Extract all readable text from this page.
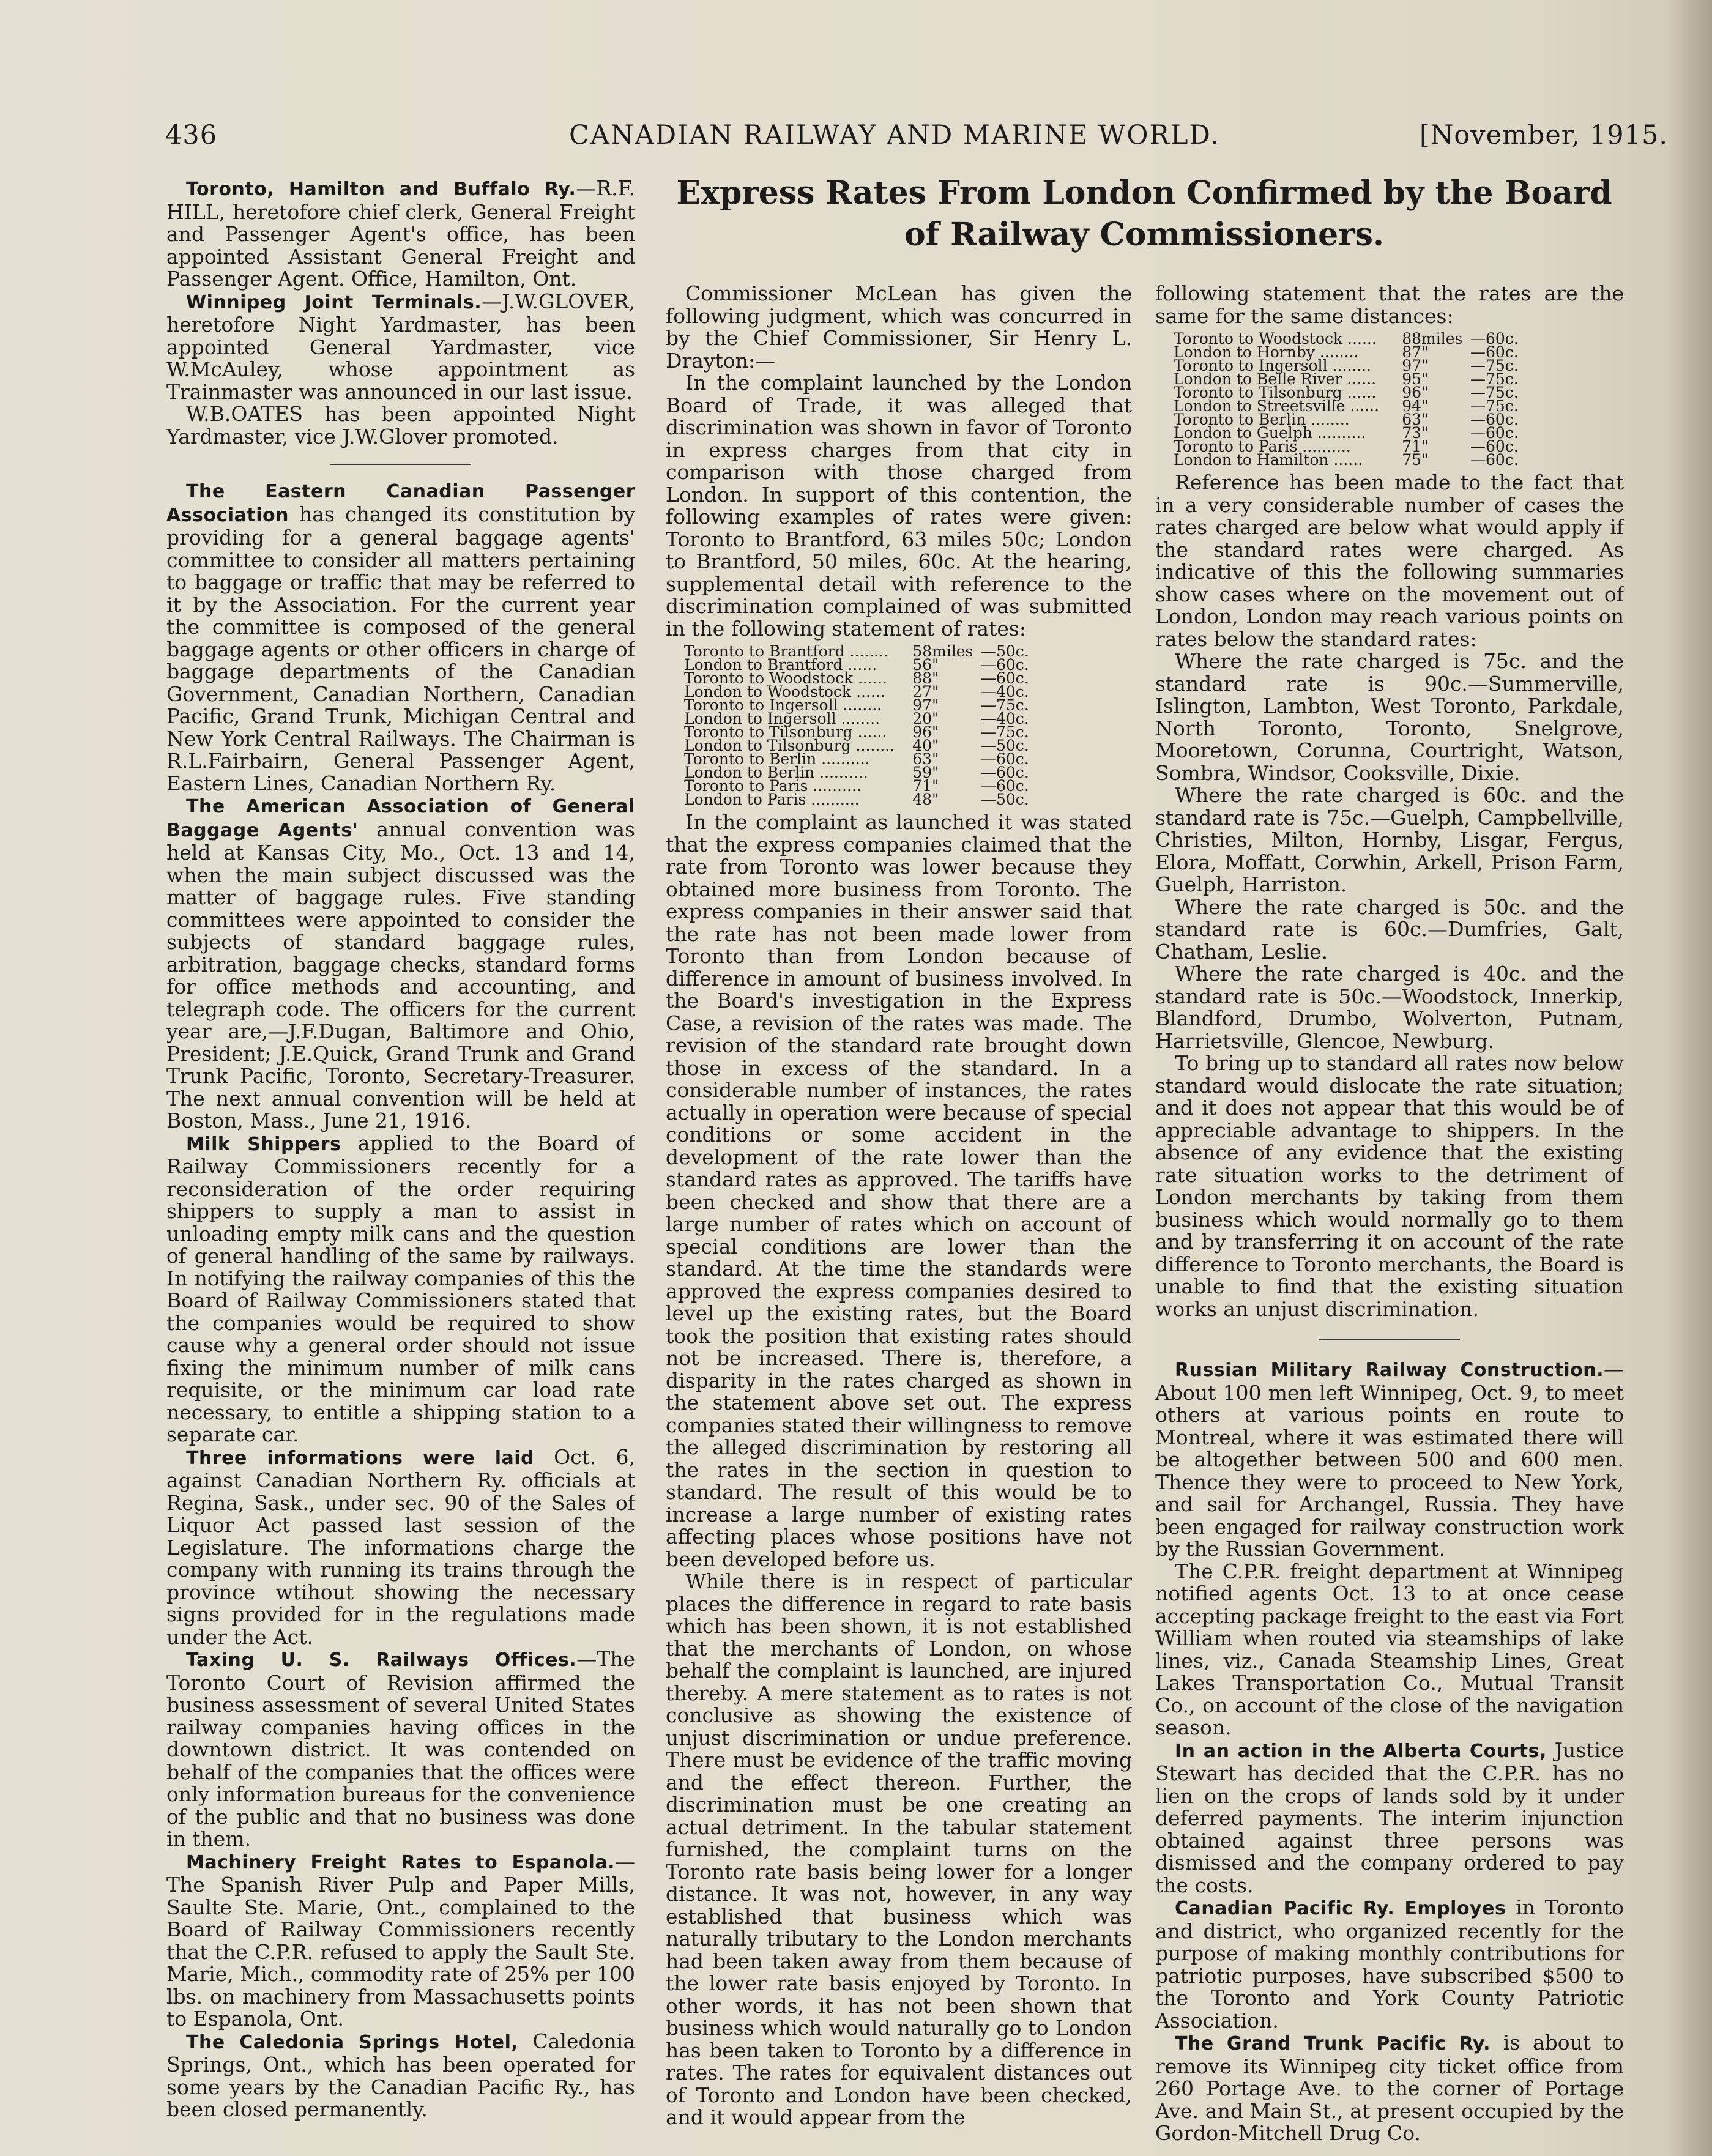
436	CANADIAN RAILWAY AND MARINE WORLD.	[November, 1915.

Toronto, Hamilton and Buffalo Ry.—R.F. HILL, heretofore chief clerk, General Freight and Passenger Agent's office, has been appointed Assistant General Freight and Passenger Agent. Office, Hamilton, Ont.

Winnipeg Joint Terminals.—J.W.GLOVER, heretofore Night Yardmaster, has been appointed General Yardmaster, vice W.McAuley, whose appointment as Trainmaster was announced in our last issue.

W.B.OATES has been appointed Night Yardmaster, vice J.W.Glover promoted.

The Eastern Canadian Passenger Association has changed its constitution by providing for a general baggage agents' committee to consider all matters pertaining to baggage or traffic that may be referred to it by the Association. For the current year the committee is composed of the general baggage agents or other officers in charge of baggage departments of the Canadian Government, Canadian Northern, Canadian Pacific, Grand Trunk, Michigan Central and New York Central Railways. The Chairman is R.L.Fairbairn, General Passenger Agent, Eastern Lines, Canadian Northern Ry.

The American Association of General Baggage Agents' annual convention was held at Kansas City, Mo., Oct. 13 and 14, when the main subject discussed was the matter of baggage rules. Five standing committees were appointed to consider the subjects of standard baggage rules, arbitration, baggage checks, standard forms for office methods and accounting, and telegraph code. The officers for the current year are,—J.F.Dugan, Baltimore and Ohio, President; J.E.Quick, Grand Trunk and Grand Trunk Pacific, Toronto, Secretary-Treasurer. The next annual convention will be held at Boston, Mass., June 21, 1916.

Milk Shippers applied to the Board of Railway Commissioners recently for a reconsideration of the order requiring shippers to supply a man to assist in unloading empty milk cans and the question of general handling of the same by railways. In notifying the railway companies of this the Board of Railway Commissioners stated that the companies would be required to show cause why a general order should not issue fixing the minimum number of milk cans requisite, or the minimum car load rate necessary, to entitle a shipping station to a separate car.

Three informations were laid Oct. 6, against Canadian Northern Ry. officials at Regina, Sask., under sec. 90 of the Sales of Liquor Act passed last session of the Legislature. The informations charge the company with running its trains through the province wtihout showing the necessary signs provided for in the regulations made under the Act.

Taxing U. S. Railways Offices.—The Toronto Court of Revision affirmed the business assessment of several United States railway companies having offices in the downtown district. It was contended on behalf of the companies that the offices were only information bureaus for the convenience of the public and that no business was done in them.

Machinery Freight Rates to Espanola.—The Spanish River Pulp and Paper Mills, Saulte Ste. Marie, Ont., complained to the Board of Railway Commissioners recently that the C.P.R. refused to apply the Sault Ste. Marie, Mich., commodity rate of 25% per 100 lbs. on machinery from Massachusetts points to Espanola, Ont.

The Caledonia Springs Hotel, Caledonia Springs, Ont., which has been operated for some years by the Canadian Pacific Ry., has been closed permanently.

Express Rates From London Confirmed by the Board of Railway Commissioners.

Commissioner McLean has given the following judgment, which was concurred in by the Chief Commissioner, Sir Henry L. Drayton:—

In the complaint launched by the London Board of Trade, it was alleged that discrimination was shown in favor of Toronto in express charges from that city in comparison with those charged from London. In support of this contention, the following examples of rates were given: Toronto to Brantford, 63 miles 50c; London to Brantford, 50 miles, 60c. At the hearing, supplemental detail with reference to the discrimination complained of was submitted in the following statement of rates:

Toronto to Brantford ........	58	miles	—50c.
London to Brantford ......	56	"	—60c.
Toronto to Woodstock ......	88	"	—60c.
London to Woodstock ......	27	"	—40c.
Toronto to Ingersoll ........	97	"	—75c.
London to Ingersoll ........	20	"	—40c.
Toronto to Tilsonburg ......	96	"	—75c.
London to Tilsonburg ........	40	"	—50c.
Toronto to Berlin ..........	63	"	—60c.
London to Berlin ..........	59	"	—60c.
Toronto to Paris ..........	71	"	—60c.
London to Paris ..........	48	"	—50c.

In the complaint as launched it was stated that the express companies claimed that the rate from Toronto was lower because they obtained more business from Toronto. The express companies in their answer said that the rate has not been made lower from Toronto than from London because of difference in amount of business involved. In the Board's investigation in the Express Case, a revision of the rates was made. The revision of the standard rate brought down those in excess of the standard. In a considerable number of instances, the rates actually in operation were because of special conditions or some accident in the development of the rate lower than the standard rates as approved. The tariffs have been checked and show that there are a large number of rates which on account of special conditions are lower than the standard. At the time the standards were approved the express companies desired to level up the existing rates, but the Board took the position that existing rates should not be increased. There is, therefore, a disparity in the rates charged as shown in the statement above set out. The express companies stated their willingness to remove the alleged discrimination by restoring all the rates in the section in question to standard. The result of this would be to increase a large number of existing rates affecting places whose positions have not been developed before us.

While there is in respect of particular places the difference in regard to rate basis which has been shown, it is not established that the merchants of London, on whose behalf the complaint is launched, are injured thereby. A mere statement as to rates is not conclusive as showing the existence of unjust discrimination or undue preference. There must be evidence of the traffic moving and the effect thereon. Further, the discrimination must be one creating an actual detriment. In the tabular statement furnished, the complaint turns on the Toronto rate basis being lower for a longer distance. It was not, however, in any way established that business which was naturally tributary to the London merchants had been taken away from them because of the lower rate basis enjoyed by Toronto. In other words, it has not been shown that business which would naturally go to London has been taken to Toronto by a difference in rates. The rates for equivalent distances out of Toronto and London have been checked, and it would appear from the

following statement that the rates are the same for the same distances:

Toronto to Woodstock ......	88	miles	—60c.
London to Hornby ........	87	"	—60c.
Toronto to Ingersoll ........	97	"	—75c.
London to Belle River ......	95	"	—75c.
Toronto to Tilsonburg ......	96	"	—75c.
London to Streetsville ......	94	"	—75c.
Toronto to Berlin ........	63	"	—60c.
London to Guelph ..........	73	"	—60c.
Toronto to Paris ..........	71	"	—60c.
London to Hamilton ......	75	"	—60c.

Reference has been made to the fact that in a very considerable number of cases the rates charged are below what would apply if the standard rates were charged. As indicative of this the following summaries show cases where on the movement out of London, London may reach various points on rates below the standard rates:

Where the rate charged is 75c. and the standard rate is 90c.—Summerville, Islington, Lambton, West Toronto, Parkdale, North Toronto, Toronto, Snelgrove, Mooretown, Corunna, Courtright, Watson, Sombra, Windsor, Cooksville, Dixie.

Where the rate charged is 60c. and the standard rate is 75c.—Guelph, Campbellville, Christies, Milton, Hornby, Lisgar, Fergus, Elora, Moffatt, Corwhin, Arkell, Prison Farm, Guelph, Harriston.

Where the rate charged is 50c. and the standard rate is 60c.—Dumfries, Galt, Chatham, Leslie.

Where the rate charged is 40c. and the standard rate is 50c.—Woodstock, Innerkip, Blandford, Drumbo, Wolverton, Putnam, Harrietsville, Glencoe, Newburg.

To bring up to standard all rates now below standard would dislocate the rate situation; and it does not appear that this would be of appreciable advantage to shippers. In the absence of any evidence that the existing rate situation works to the detriment of London merchants by taking from them business which would normally go to them and by transferring it on account of the rate difference to Toronto merchants, the Board is unable to find that the existing situation works an unjust discrimination.

Russian Military Railway Construction.—About 100 men left Winnipeg, Oct. 9, to meet others at various points en route to Montreal, where it was estimated there will be altogether between 500 and 600 men. Thence they were to proceed to New York, and sail for Archangel, Russia. They have been engaged for railway construction work by the Russian Government.

The C.P.R. freight department at Winnipeg notified agents Oct. 13 to at once cease accepting package freight to the east via Fort William when routed via steamships of lake lines, viz., Canada Steamship Lines, Great Lakes Transportation Co., Mutual Transit Co., on account of the close of the navigation season.

In an action in the Alberta Courts, Justice Stewart has decided that the C.P.R. has no lien on the crops of lands sold by it under deferred payments. The interim injunction obtained against three persons was dismissed and the company ordered to pay the costs.

Canadian Pacific Ry. Employes in Toronto and district, who organized recently for the purpose of making monthly contributions for patriotic purposes, have subscribed $500 to the Toronto and York County Patriotic Association.

The Grand Trunk Pacific Ry. is about to remove its Winnipeg city ticket office from 260 Portage Ave. to the corner of Portage Ave. and Main St., at present occupied by the Gordon-Mitchell Drug Co.
